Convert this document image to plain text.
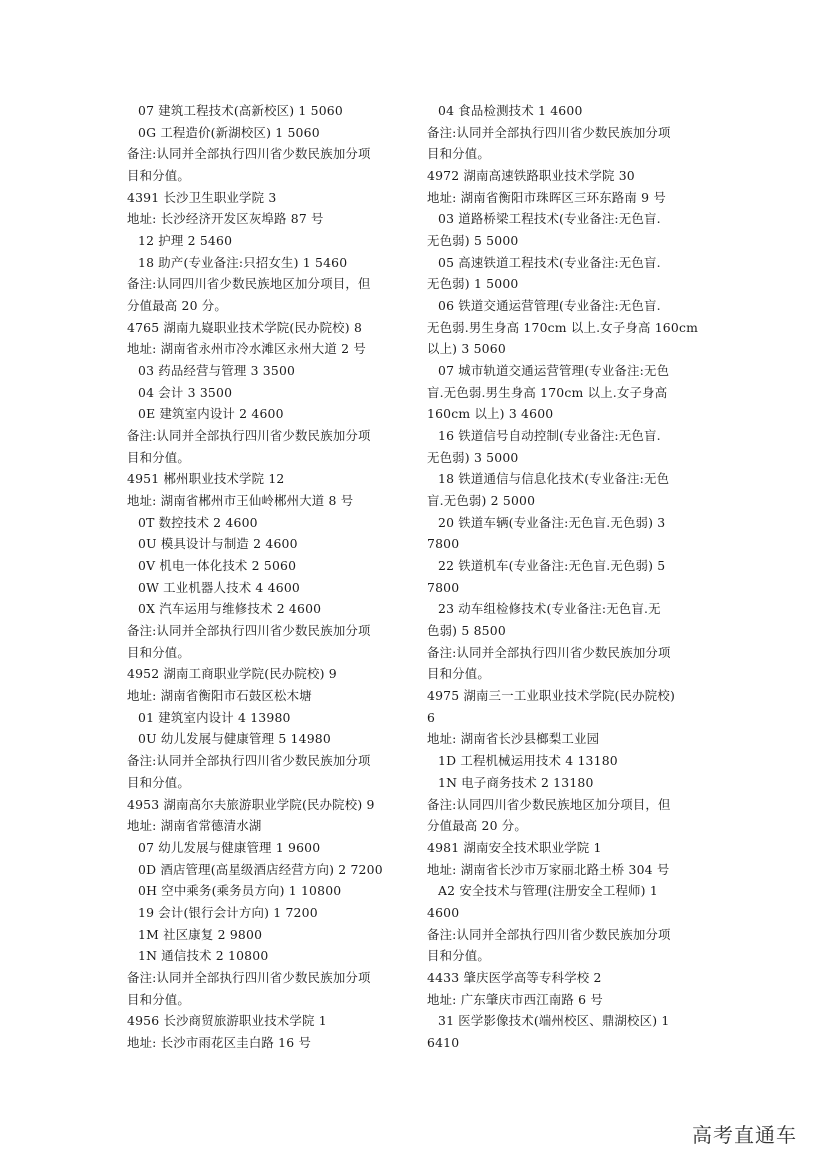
07 建筑工程技术(高新校区) 1 5060
0G 工程造价(新湖校区) 1 5060
备注:认同并全部执行四川省少数民族加分项
目和分值。
4391 长沙卫生职业学院 3
地址: 长沙经济开发区灰埠路 87 号
12 护理 2 5460
18 助产(专业备注:只招女生) 1 5460
备注:认同四川省少数民族地区加分项目，但
分值最高 20 分。
4765 湖南九嶷职业技术学院(民办院校) 8
地址: 湖南省永州市冷水滩区永州大道 2 号
03 药品经营与管理 3 3500
04 会计 3 3500
0E 建筑室内设计 2 4600
备注:认同并全部执行四川省少数民族加分项
目和分值。
4951 郴州职业技术学院 12
地址: 湖南省郴州市王仙岭郴州大道 8 号
0T 数控技术 2 4600
0U 模具设计与制造 2 4600
0V 机电一体化技术 2 5060
0W 工业机器人技术 4 4600
0X 汽车运用与维修技术 2 4600
备注:认同并全部执行四川省少数民族加分项
目和分值。
4952 湖南工商职业学院(民办院校) 9
地址: 湖南省衡阳市石鼓区松木塘
01 建筑室内设计 4 13980
0U 幼儿发展与健康管理 5 14980
备注:认同并全部执行四川省少数民族加分项
目和分值。
4953 湖南高尔夫旅游职业学院(民办院校) 9
地址: 湖南省常德清水湖
07 幼儿发展与健康管理 1 9600
0D 酒店管理(高星级酒店经营方向) 2 7200
0H 空中乘务(乘务员方向) 1 10800
19 会计(银行会计方向) 1 7200
1M 社区康复 2 9800
1N 通信技术 2 10800
备注:认同并全部执行四川省少数民族加分项
目和分值。
4956 长沙商贸旅游职业技术学院 1
地址: 长沙市雨花区圭白路 16 号
04 食品检测技术 1 4600
备注:认同并全部执行四川省少数民族加分项
目和分值。
4972 湖南高速铁路职业技术学院 30
地址: 湖南省衡阳市珠晖区三环东路南 9 号
03 道路桥梁工程技术(专业备注:无色盲.
无色弱) 5 5000
05 高速铁道工程技术(专业备注:无色盲.
无色弱) 1 5000
06 铁道交通运营管理(专业备注:无色盲.
无色弱.男生身高 170cm 以上.女子身高 160cm
以上) 3 5060
07 城市轨道交通运营管理(专业备注:无色
盲.无色弱.男生身高 170cm 以上.女子身高
160cm 以上) 3 4600
16 铁道信号自动控制(专业备注:无色盲.
无色弱) 3 5000
18 铁道通信与信息化技术(专业备注:无色
盲.无色弱) 2 5000
20 铁道车辆(专业备注:无色盲.无色弱) 3
7800
22 铁道机车(专业备注:无色盲.无色弱) 5
7800
23 动车组检修技术(专业备注:无色盲.无
色弱) 5 8500
备注:认同并全部执行四川省少数民族加分项
目和分值。
4975 湖南三一工业职业技术学院(民办院校)
6
地址: 湖南省长沙县榔梨工业园
1D 工程机械运用技术 4 13180
1N 电子商务技术 2 13180
备注:认同四川省少数民族地区加分项目，但
分值最高 20 分。
4981 湖南安全技术职业学院 1
地址: 湖南省长沙市万家丽北路土桥 304 号
A2 安全技术与管理(注册安全工程师) 1
4600
备注:认同并全部执行四川省少数民族加分项
目和分值。
4433 肇庆医学高等专科学校 2
地址: 广东肇庆市西江南路 6 号
31 医学影像技术(端州校区、鼎湖校区) 1
6410
高考直通车
